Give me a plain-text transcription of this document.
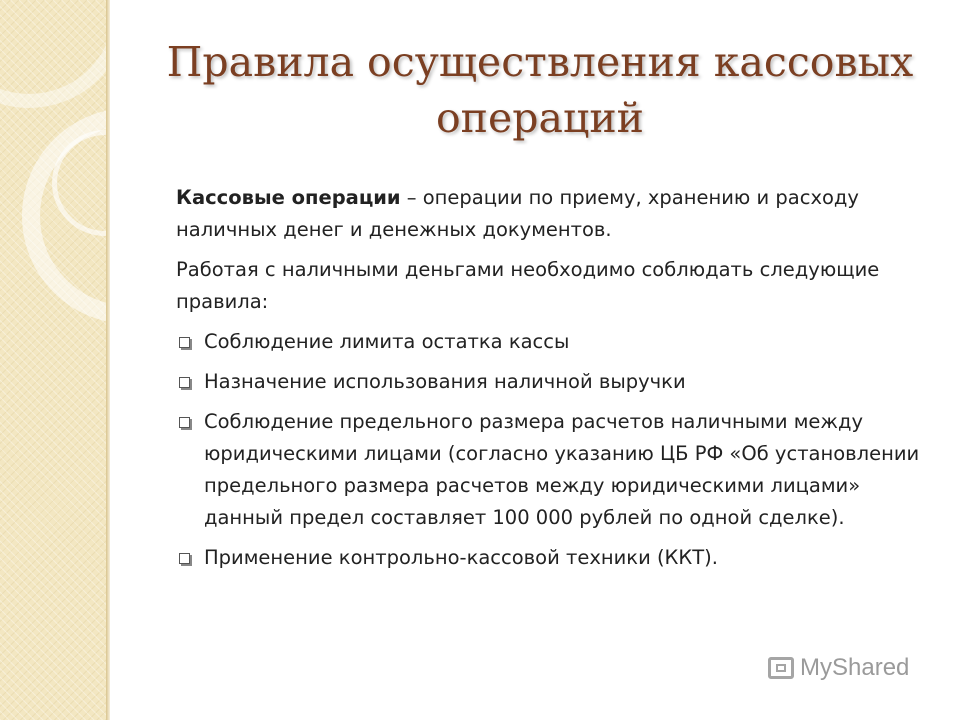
Правила осуществления кассовых операций

Кассовые операции – операции по приему, хранению и расходу наличных денег и денежных документов.

Работая с наличными деньгами необходимо соблюдать следующие правила:

Соблюдение лимита остатка кассы
Назначение использования наличной выручки
Соблюдение предельного размера расчетов наличными между юридическими лицами (согласно указанию ЦБ РФ «Об установлении предельного размера расчетов между юридическими лицами» данный предел составляет 100 000 рублей по одной сделке).
Применение контрольно-кассовой техники (ККТ).
MyShared
